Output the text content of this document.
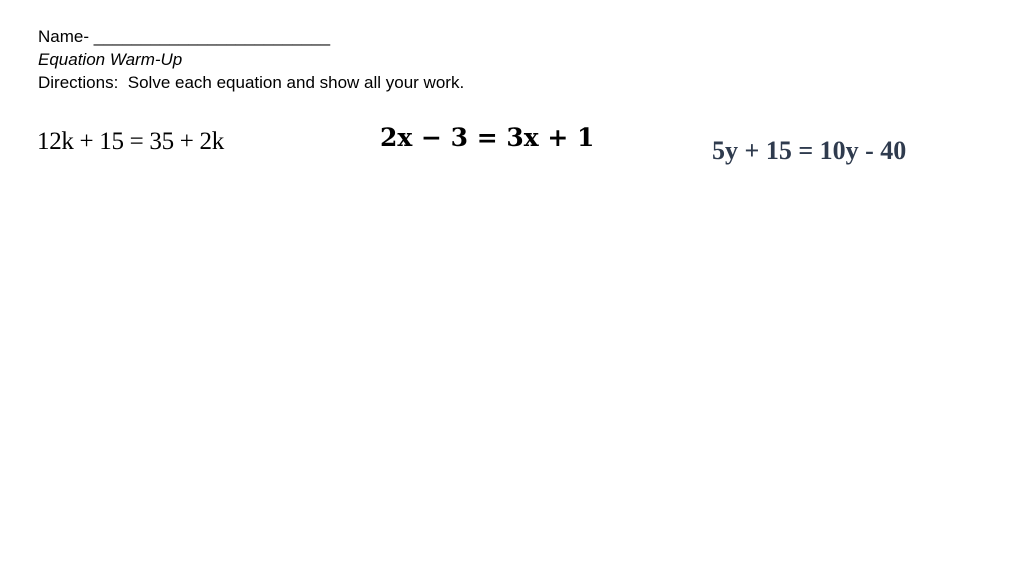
Name- _________________________
Equation Warm-Up
Directions:  Solve each equation and show all your work.
12k + 15 = 35 + 2k	2x − 3 = 3x + 1	5y + 15 = 10y - 40
